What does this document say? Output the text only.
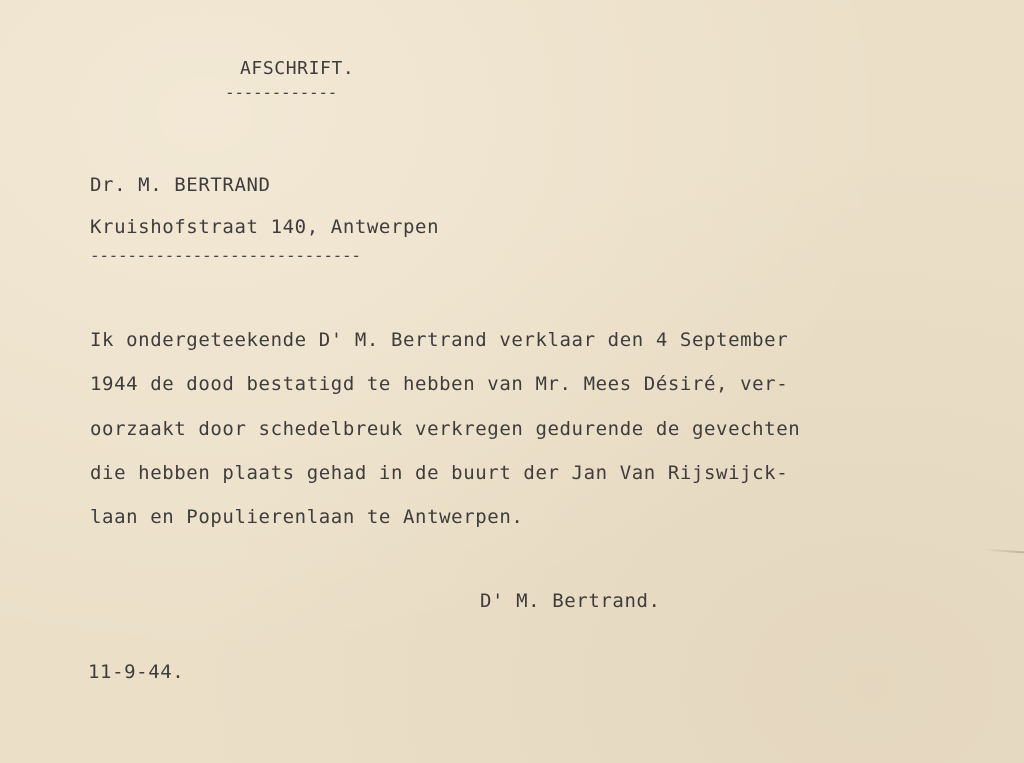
AFSCHRIFT.
------------
Dr. M. BERTRAND
Kruishofstraat 140, Antwerpen
-----------------------------
Ik ondergeteekende D' M. Bertrand verklaar den 4 September
1944 de dood bestatigd te hebben van Mr. Mees Désiré, ver-
oorzaakt door schedelbreuk verkregen gedurende de gevechten
die hebben plaats gehad in de buurt der Jan Van Rijswijck-
laan en Populierenlaan te Antwerpen.
D' M. Bertrand.
11-9-44.
